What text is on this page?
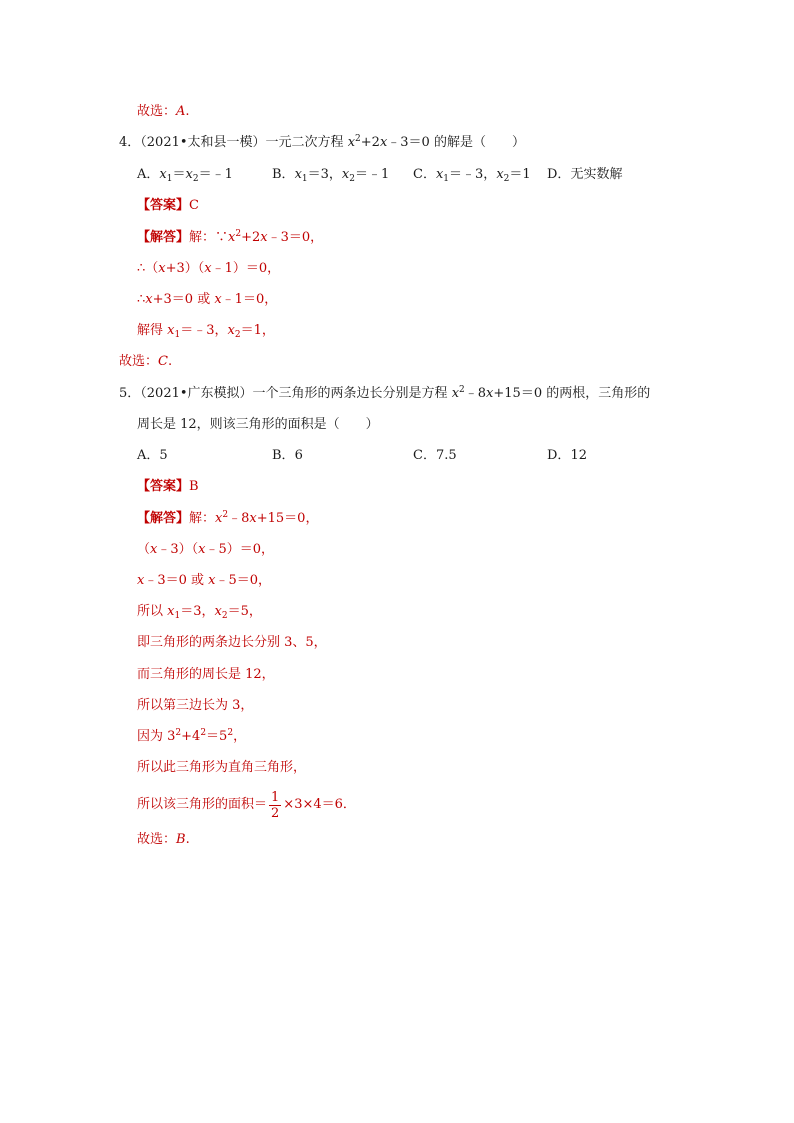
故选：A.
4．（2021•太和县一模）一元二次方程 $x^2+2x﹣3=0$ 的解是（　　）
A．$x_1=x_2=﹣1$	B．$x_1=3$，$x_2=﹣1$ C．$x_1=﹣3$，$x_2=1$ D．无实数解
【答案】C
【解答】解：$\because x^2+2x﹣3=0$，
∴（x+3）（x﹣1）＝0，
∴x+3＝0 或 x﹣1＝0，
解得 $x_1=﹣3$，$x_2=1$，
故选：C.
5．（2021•广东模拟）一个三角形的两条边长分别是方程 $x^2﹣8x+15=0$ 的两根，三角形的
周长是 12，则该三角形的面积是（　　）
A．5	B．6	C．7.5	D．12
【答案】B
【解答】解：$x^2﹣8x+15=0$，
（x﹣3）（x﹣5）＝0，
x﹣3＝0 或 x﹣5＝0，
所以 $x_1=3$，$x_2=5$，
即三角形的两条边长分别 3、5，
而三角形的周长是 12，
所以第三边长为 3，
因为 $3^2+4^2=5^2$，
所以此三角形为直角三角形，
所以该三角形的面积＝ $\frac{1}{2} \times 3\times 4=6$．
故选：B.
